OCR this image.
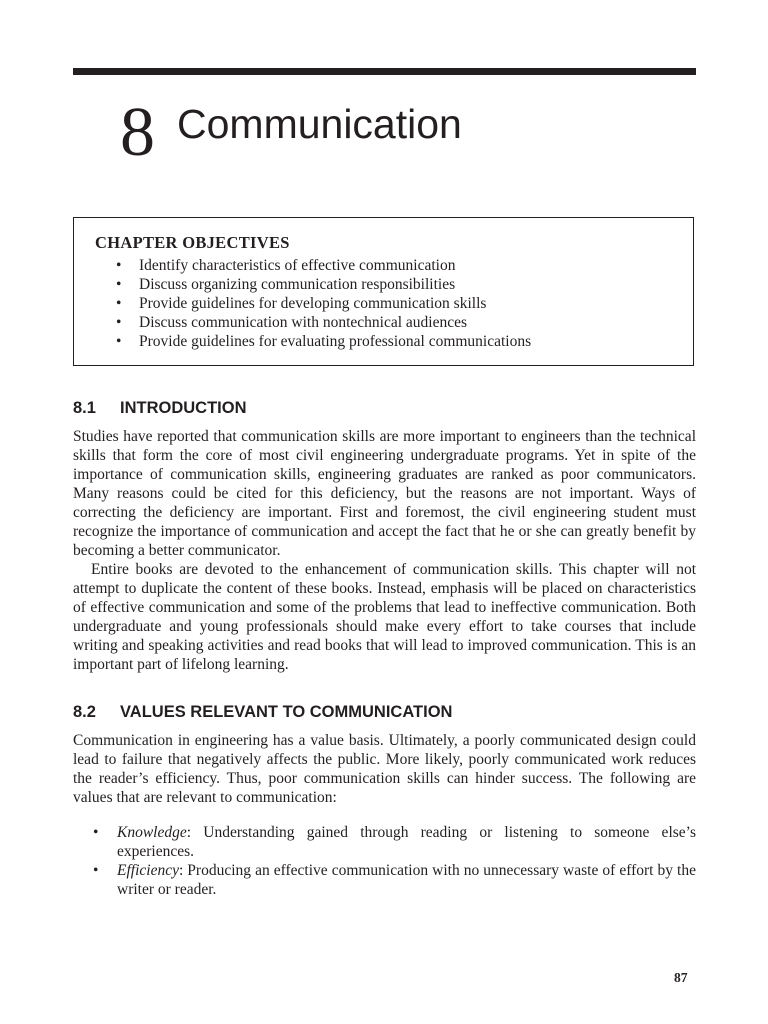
8 Communication
CHAPTER OBJECTIVES
• Identify characteristics of effective communication
• Discuss organizing communication responsibilities
• Provide guidelines for developing communication skills
• Discuss communication with nontechnical audiences
• Provide guidelines for evaluating professional communications
8.1 INTRODUCTION

Studies have reported that communication skills are more important to engineers than the technical skills that form the core of most civil engineering undergraduate programs. Yet in spite of the importance of communication skills, engineering graduates are ranked as poor communicators. Many reasons could be cited for this deficiency, but the reasons are not important. Ways of correcting the deficiency are important. First and foremost, the civil engineering student must recognize the importance of communication and accept the fact that he or she can greatly benefit by becoming a better communicator.

Entire books are devoted to the enhancement of communication skills. This chapter will not attempt to duplicate the content of these books. Instead, emphasis will be placed on characteristics of effective communication and some of the problems that lead to ineffective communication. Both undergraduate and young professionals should make every effort to take courses that include writing and speaking activities and read books that will lead to improved communication. This is an important part of lifelong learning.

8.2 VALUES RELEVANT TO COMMUNICATION

Communication in engineering has a value basis. Ultimately, a poorly communicated design could lead to failure that negatively affects the public. More likely, poorly communicated work reduces the reader’s efficiency. Thus, poor communication skills can hinder success. The following are values that are relevant to communication:

• Knowledge: Understanding gained through reading or listening to someone else’s experiences.
• Efficiency: Producing an effective communication with no unnecessary waste of effort by the writer or reader.
87
